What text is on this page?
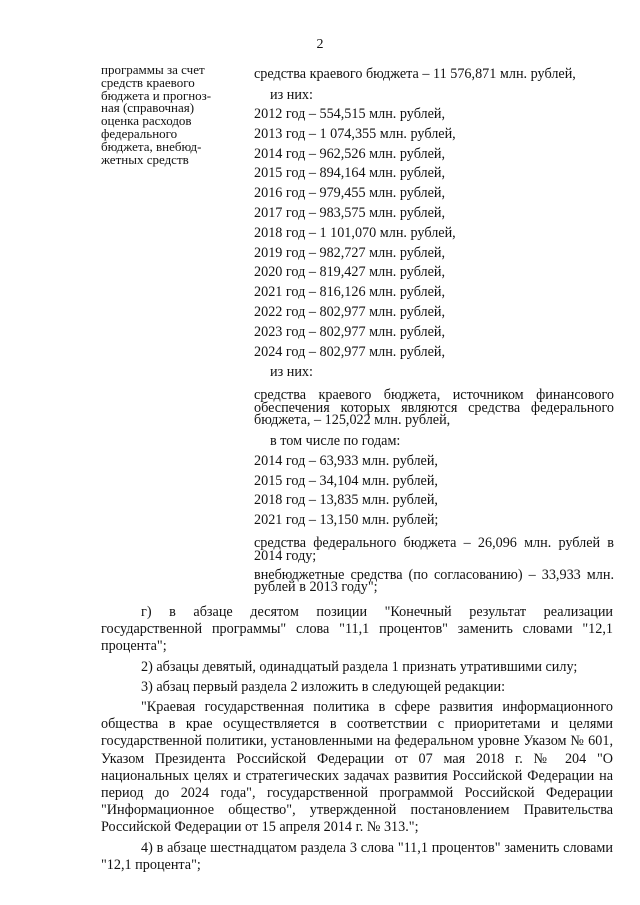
2
программы за счет
средств краевого
бюджета и прогноз-
ная (справочная)
оценка расходов
федерального
бюджета, внебюд-
жетных средств
средства краевого бюджета – 11 576,871 млн. рублей,
из них:
2012 год – 554,515 млн. рублей,
2013 год – 1 074,355 млн. рублей,
2014 год – 962,526 млн. рублей,
2015 год – 894,164 млн. рублей,
2016 год – 979,455 млн. рублей,
2017 год – 983,575 млн. рублей,
2018 год – 1 101,070 млн. рублей,
2019 год – 982,727 млн. рублей,
2020 год – 819,427 млн. рублей,
2021 год – 816,126 млн. рублей,
2022 год – 802,977 млн. рублей,
2023 год – 802,977 млн. рублей,
2024 год – 802,977 млн. рублей,
из них:
средства краевого бюджета, источником финансового обеспечения которых являются средства федерального бюджета, – 125,022 млн. рублей,
в том числе по годам:
2014 год – 63,933 млн. рублей,
2015 год – 34,104 млн. рублей,
2018 год – 13,835 млн. рублей,
2021 год – 13,150 млн. рублей;
средства федерального бюджета – 26,096 млн. рублей в 2014 году;
внебюджетные средства (по согласованию) – 33,933 млн. рублей в 2013 году";

г) в абзаце десятом позиции "Конечный результат реализации государственной программы" слова "11,1 процентов" заменить словами "12,1 процента";

2) абзацы девятый, одинадцатый раздела 1 признать утратившими силу;

3) абзац первый раздела 2 изложить в следующей редакции:

"Краевая государственная политика в сфере развития информационного общества в крае осуществляется в соответствии с приоритетами и целями государственной политики, установленными на федеральном уровне Указом № 601, Указом Президента Российской Федерации от 07 мая 2018 г. № 204 "О национальных целях и стратегических задачах развития Российской Федерации на период до 2024 года", государственной программой Российской Федерации "Информационное общество", утвержденной постановлением Правительства Российской Федерации от 15 апреля 2014 г. № 313.";

4) в абзаце шестнадцатом раздела 3 слова "11,1 процентов" заменить словами "12,1 процента";
